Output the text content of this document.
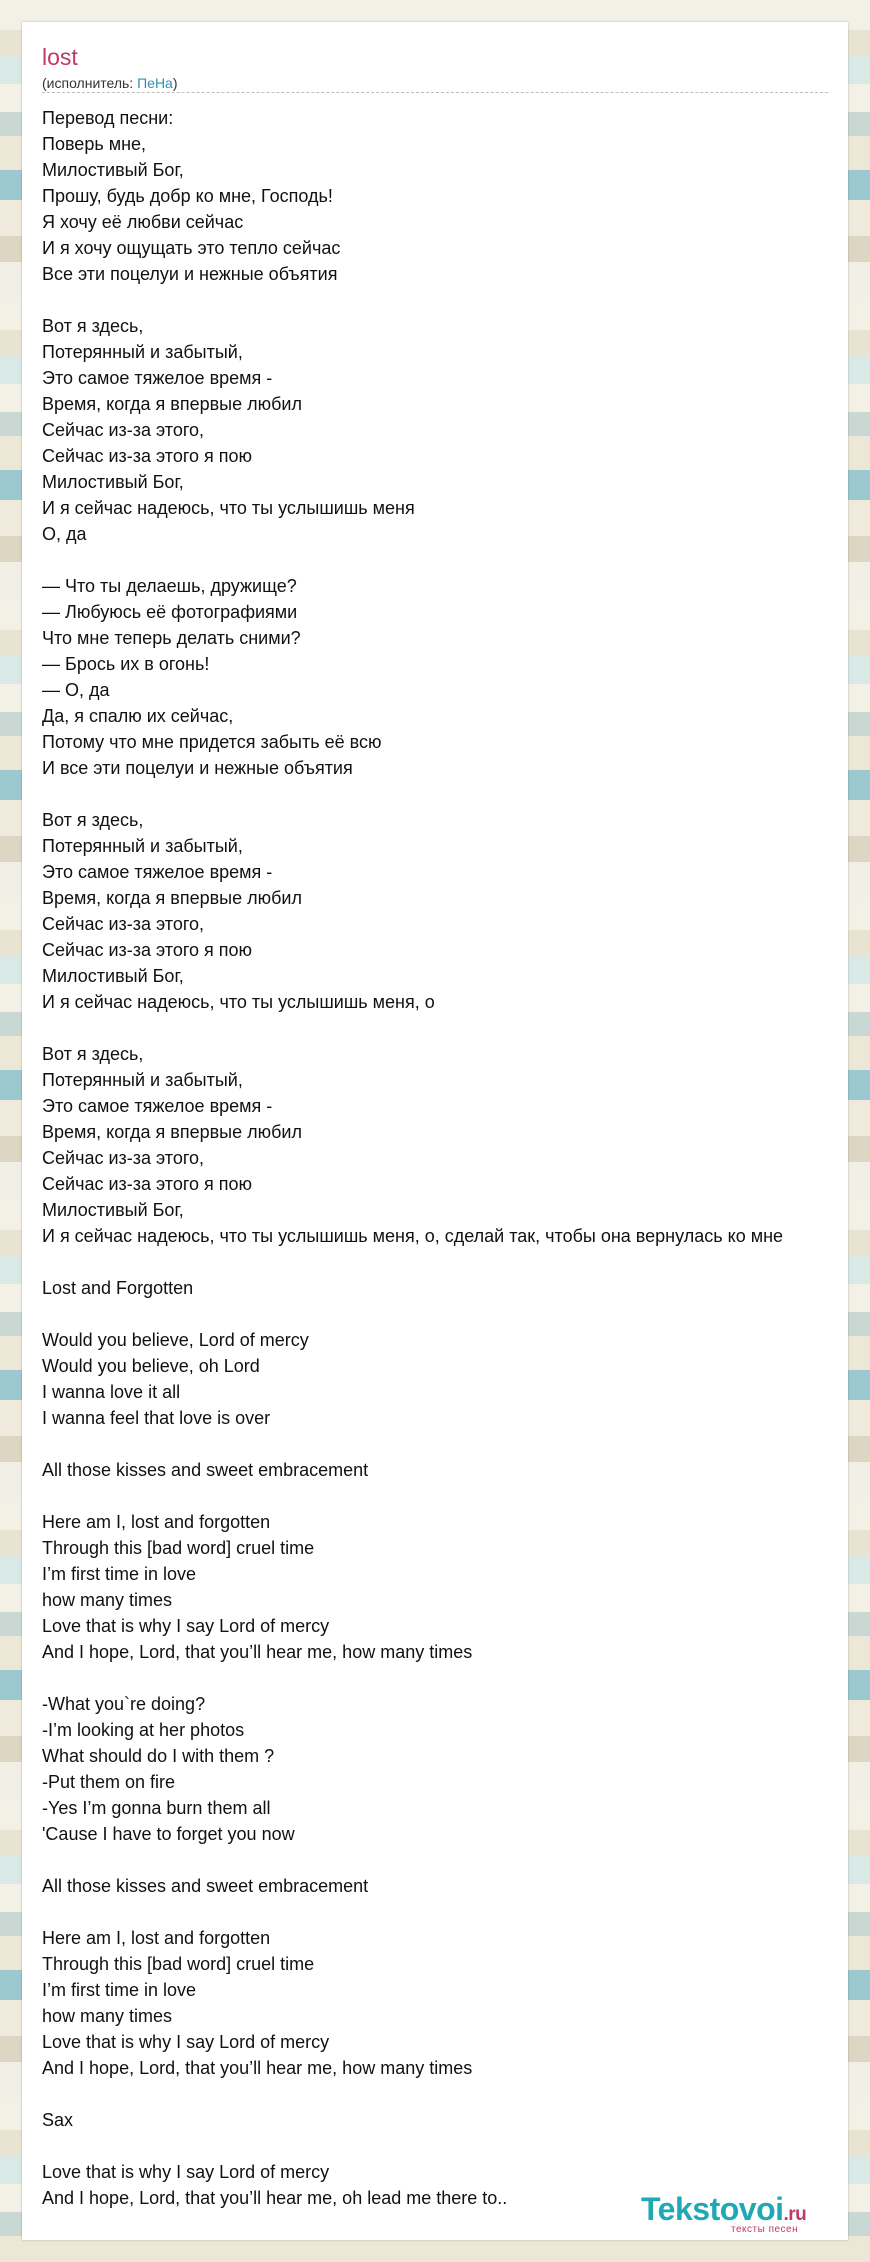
lost
(исполнитель: ПеНа)
Перевод песни:
Поверь мне,
Милостивый Бог,
Прошу, будь добр ко мне, Господь!
Я хочу её любви сейчас
И я хочу ощущать это тепло сейчас
Все эти поцелуи и нежные объятия
Вот я здесь,
Потерянный и забытый,
Это самое тяжелое время -
Время, когда я впервые любил
Сейчас из-за этого,
Сейчас из-за этого я пою
Милостивый Бог,
И я сейчас надеюсь, что ты услышишь меня
О, да
— Что ты делаешь, дружище?
— Любуюсь её фотографиями
Что мне теперь делать сними?
— Брось их в огонь!
— О, да
Да, я спалю их сейчас,
Потому что мне придется забыть её всю
И все эти поцелуи и нежные объятия
Вот я здесь,
Потерянный и забытый,
Это самое тяжелое время -
Время, когда я впервые любил
Сейчас из-за этого,
Сейчас из-за этого я пою
Милостивый Бог,
И я сейчас надеюсь, что ты услышишь меня, о
Вот я здесь,
Потерянный и забытый,
Это самое тяжелое время -
Время, когда я впервые любил
Сейчас из-за этого,
Сейчас из-за этого я пою
Милостивый Бог,
И я сейчас надеюсь, что ты услышишь меня, о, сделай так, чтобы она вернулась ко мне
Lost and Forgotten
Would you believe, Lord of mercy
Would you believe, oh Lord
I wanna love it all
I wanna feel that love is over
All those kisses and sweet embracement
Here am I, lost and forgotten
Through this [bad word] cruel time
I’m first time in love
how many times
Love that is why I say Lord of mercy
And I hope, Lord, that you’ll hear me, how many times
-What you`re doing?
-I’m looking at her photos
What should do I with them ?
-Put them on fire
-Yes I’m gonna burn them all
'Cause I have to forget you now
All those kisses and sweet embracement
Here am I, lost and forgotten
Through this [bad word] cruel time
I’m first time in love
how many times
Love that is why I say Lord of mercy
And I hope, Lord, that you’ll hear me, how many times
Sax
Love that is why I say Lord of mercy
And I hope, Lord, that you’ll hear me, oh lead me there to..	Tekstovoi.ru
тексты песен
